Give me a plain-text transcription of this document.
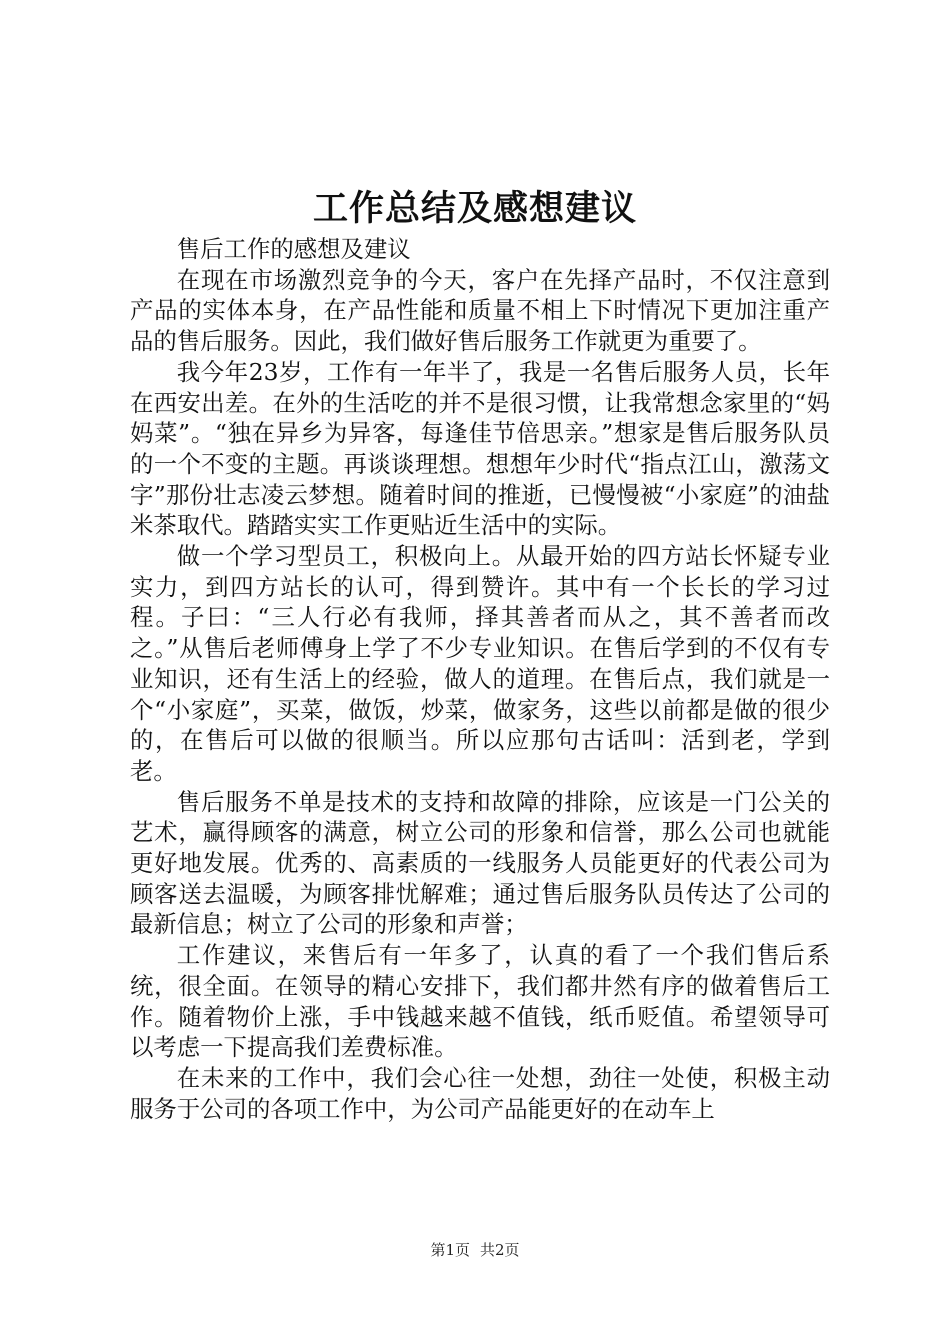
工作总结及感想建议

售后工作的感想及建议

在现在市场激烈竞争的今天，客户在先择产品时，不仅注意到产品的实体本身，在产品性能和质量不相上下时情况下更加注重产品的售后服务。因此，我们做好售后服务工作就更为重要了。

我今年23岁，工作有一年半了，我是一名售后服务人员，长年在西安出差。在外的生活吃的并不是很习惯，让我常想念家里的“妈妈菜”。“独在异乡为异客，每逢佳节倍思亲。”想家是售后服务队员的一个不变的主题。再谈谈理想。想想年少时代“指点江山，激荡文字”那份壮志凌云梦想。随着时间的推逝，已慢慢被“小家庭”的油盐米茶取代。踏踏实实工作更贴近生活中的实际。

做一个学习型员工，积极向上。从最开始的四方站长怀疑专业实力，到四方站长的认可，得到赞许。其中有一个长长的学习过程。子曰：“三人行必有我师，择其善者而从之，其不善者而改之。”从售后老师傅身上学了不少专业知识。在售后学到的不仅有专业知识，还有生活上的经验，做人的道理。在售后点，我们就是一个“小家庭”，买菜，做饭，炒菜，做家务，这些以前都是做的很少的，在售后可以做的很顺当。所以应那句古话叫：活到老，学到老。

售后服务不单是技术的支持和故障的排除，应该是一门公关的艺术，赢得顾客的满意，树立公司的形象和信誉，那么公司也就能更好地发展。优秀的、高素质的一线服务人员能更好的代表公司为顾客送去温暖，为顾客排忧解难；通过售后服务队员传达了公司的最新信息；树立了公司的形象和声誉；

工作建议，来售后有一年多了，认真的看了一个我们售后系统，很全面。在领导的精心安排下，我们都井然有序的做着售后工作。随着物价上涨，手中钱越来越不值钱，纸币贬值。希望领导可以考虑一下提高我们差费标准。

在未来的工作中，我们会心往一处想，劲往一处使，积极主动服务于公司的各项工作中，为公司产品能更好的在动车上

第1页 共2页
